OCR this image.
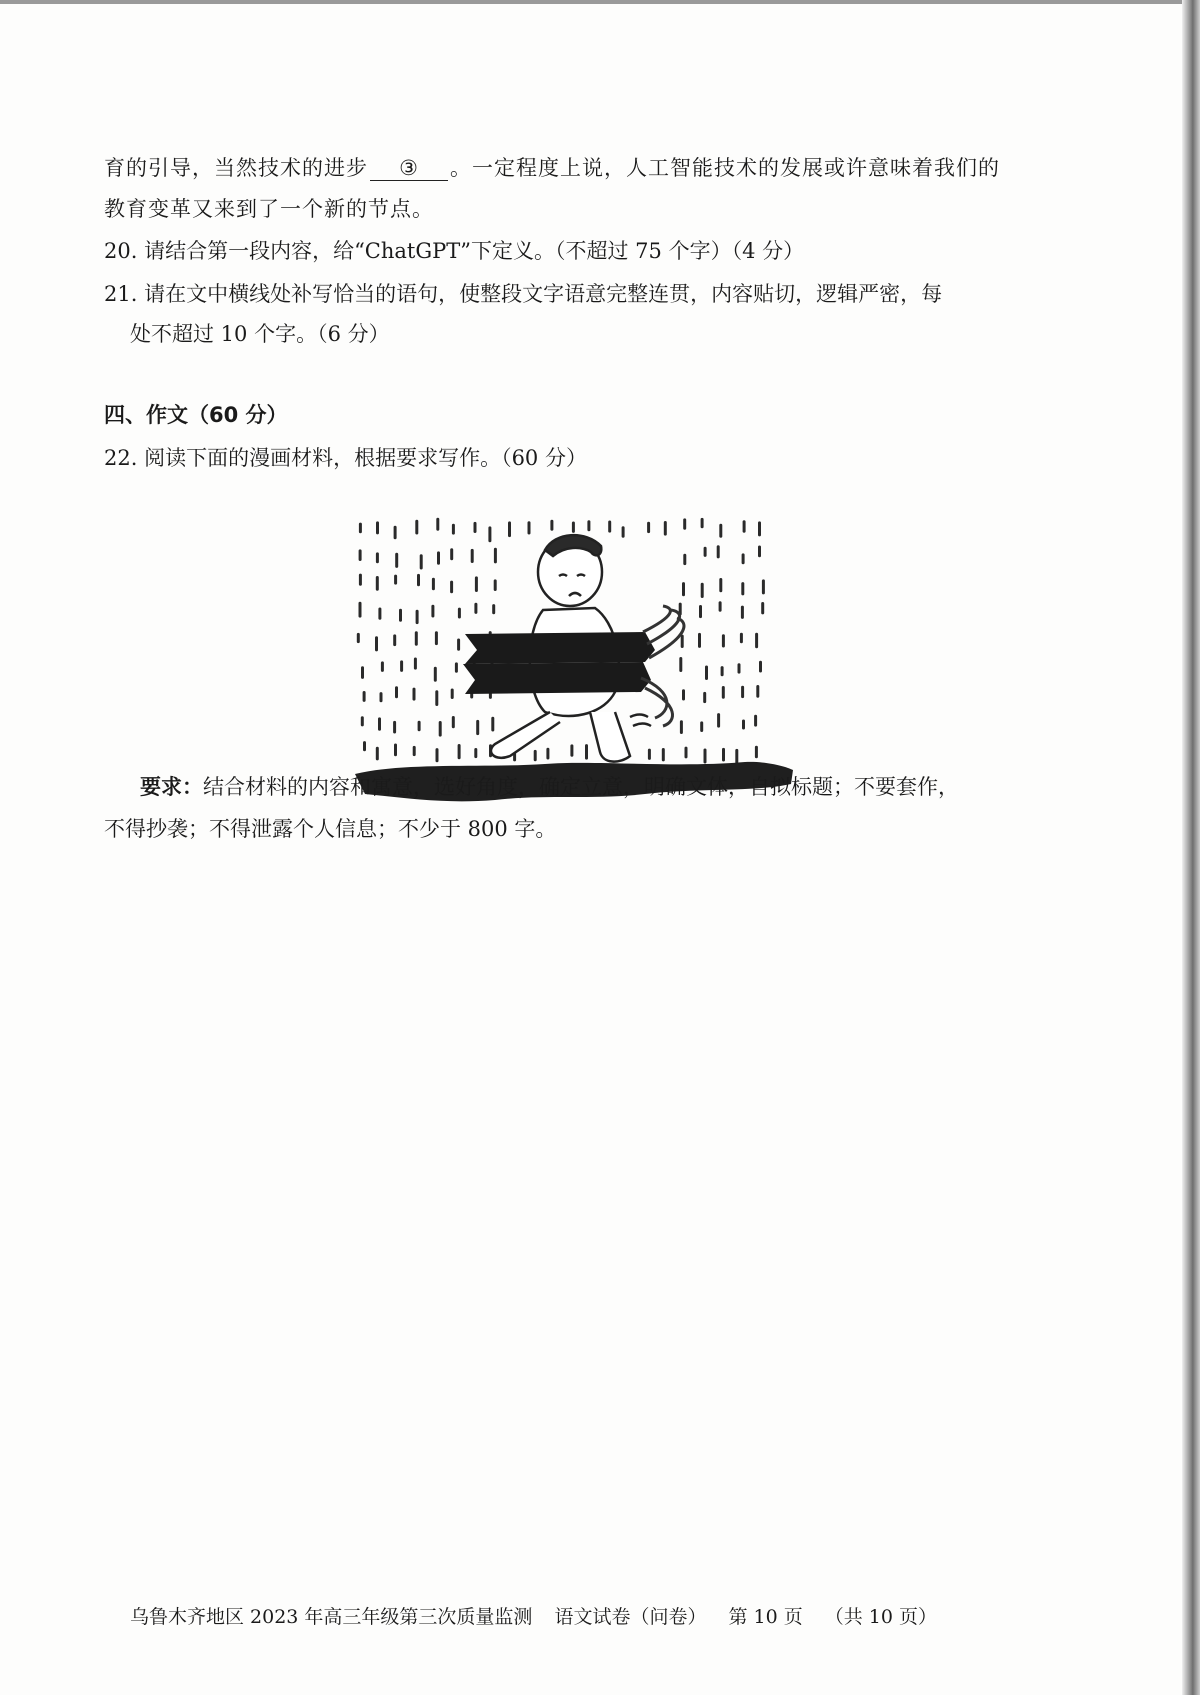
育的引导，当然技术的进步 ③ 。一定程度上说，人工智能技术的发展或许意味着我们的
教育变革又来到了一个新的节点。
20. 请结合第一段内容，给“ChatGPT”下定义。（不超过 75 个字）（4 分）
21. 请在文中横线处补写恰当的语句，使整段文字语意完整连贯，内容贴切，逻辑严密，每
处不超过 10 个字。（6 分）
四、作文（60 分）
22. 阅读下面的漫画材料，根据要求写作。（60 分）
要求：结合材料的内容和寓意，选好角度，确定立意，明确文体，自拟标题；不要套作，
不得抄袭；不得泄露个人信息；不少于 800 字。
乌鲁木齐地区 2023 年高三年级第三次质量监测 语文试卷（问卷） 第 10 页 （共 10 页）
